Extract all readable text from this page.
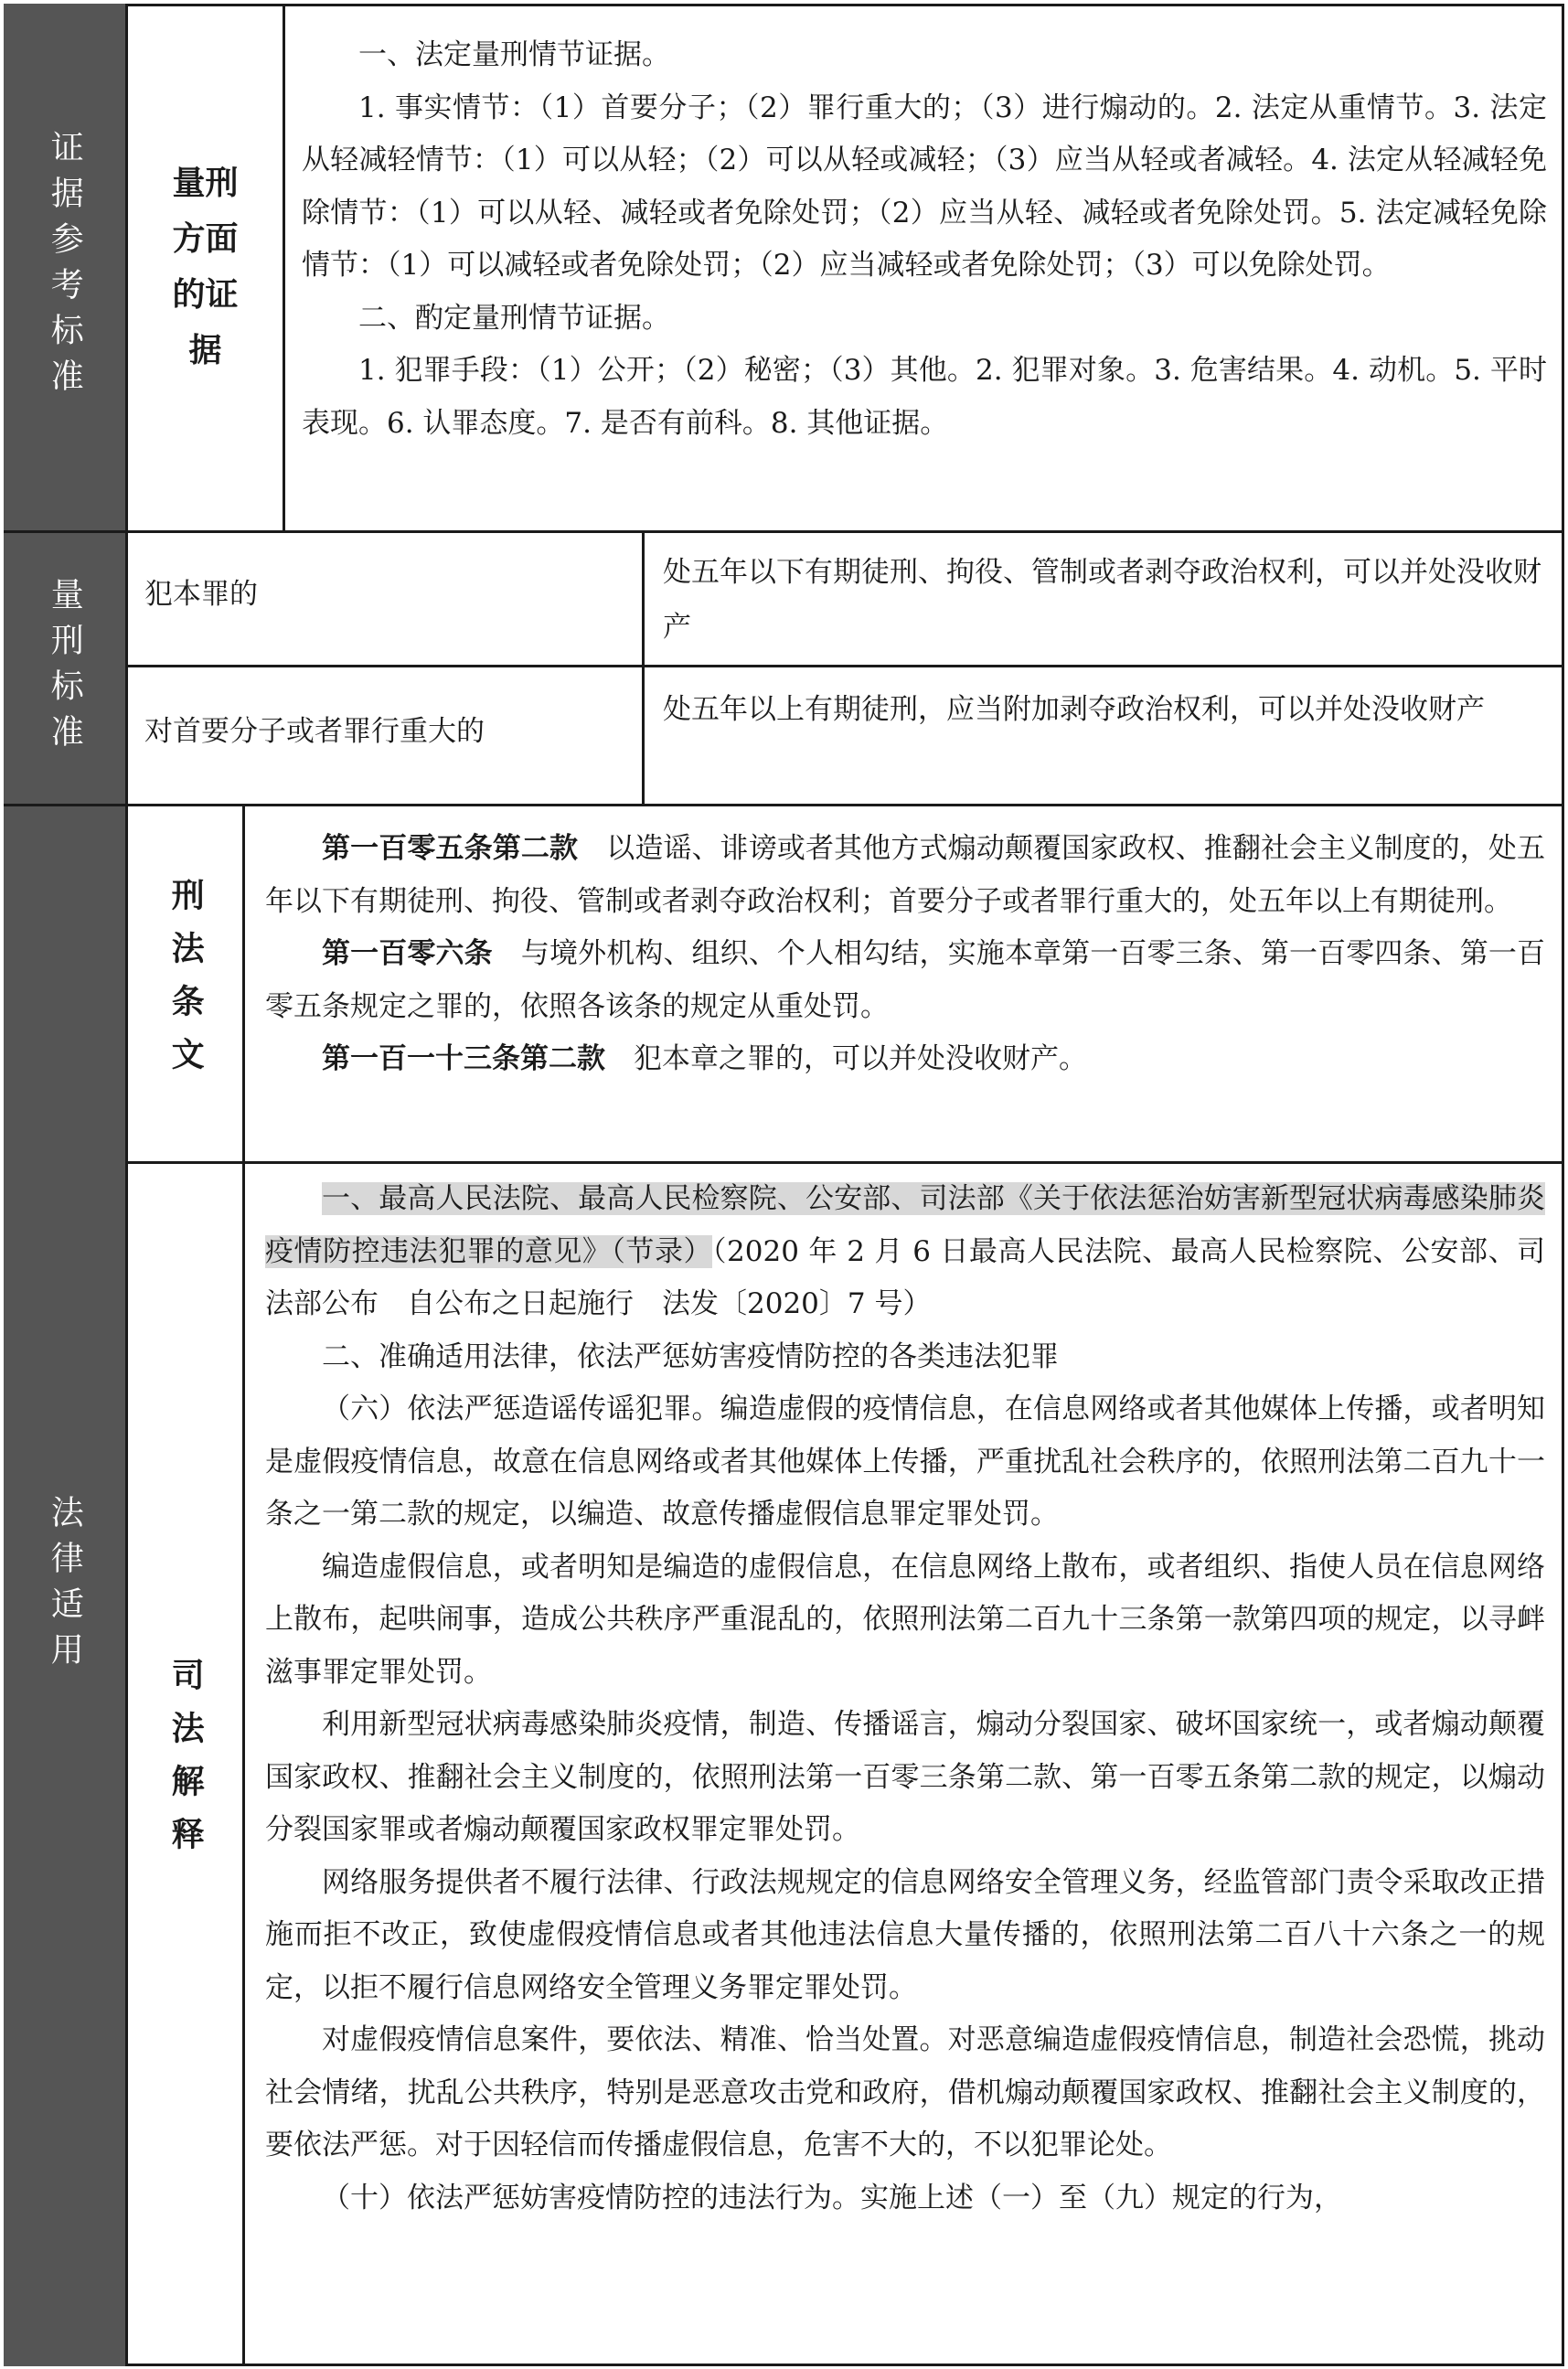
证据参考标准
量刑标准
法律适用
量刑方面的证据

一、法定量刑情节证据。

1. 事实情节：（1）首要分子；（2）罪行重大的；（3）进行煽动的。2. 法定从重情节。3. 法定从轻减轻情节：（1）可以从轻；（2）可以从轻或减轻；（3）应当从轻或者减轻。4. 法定从轻减轻免除情节：（1）可以从轻、减轻或者免除处罚；（2）应当从轻、减轻或者免除处罚。5. 法定减轻免除情节：（1）可以减轻或者免除处罚；（2）应当减轻或者免除处罚；（3）可以免除处罚。

二、酌定量刑情节证据。

1. 犯罪手段：（1）公开；（2）秘密；（3）其他。2. 犯罪对象。3. 危害结果。4. 动机。5. 平时表现。6. 认罪态度。7. 是否有前科。8. 其他证据。

犯本罪的
处五年以下有期徒刑、拘役、管制或者剥夺政治权利，可以并处没收财产
对首要分子或者罪行重大的
处五年以上有期徒刑，应当附加剥夺政治权利，可以并处没收财产
刑法条文

第一百零五条第二款　 以造谣、诽谤或者其他方式煽动颠覆国家政权、推翻社会主义制度的，处五年以下有期徒刑、拘役、管制或者剥夺政治权利；首要分子或者罪行重大的，处五年以上有期徒刑。

第一百零六条　 与境外机构、组织、个人相勾结，实施本章第一百零三条、第一百零四条、第一百零五条规定之罪的，依照各该条的规定从重处罚。

第一百一十三条第二款　 犯本章之罪的，可以并处没收财产。

司法解释

一、最高人民法院、最高人民检察院、公安部、司法部《关于依法惩治妨害新型冠状病毒感染肺炎疫情防控违法犯罪的意见》（节录）（2020 年 2 月 6 日最高人民法院、最高人民检察院、公安部、司法部公布　自公布之日起施行　法发〔2020〕7 号）

二、准确适用法律，依法严惩妨害疫情防控的各类违法犯罪

（六）依法严惩造谣传谣犯罪。编造虚假的疫情信息，在信息网络或者其他媒体上传播，或者明知是虚假疫情信息，故意在信息网络或者其他媒体上传播，严重扰乱社会秩序的，依照刑法第二百九十一条之一第二款的规定，以编造、故意传播虚假信息罪定罪处罚。

编造虚假信息，或者明知是编造的虚假信息，在信息网络上散布，或者组织、指使人员在信息网络上散布，起哄闹事，造成公共秩序严重混乱的，依照刑法第二百九十三条第一款第四项的规定，以寻衅滋事罪定罪处罚。

利用新型冠状病毒感染肺炎疫情，制造、传播谣言，煽动分裂国家、破坏国家统一，或者煽动颠覆国家政权、推翻社会主义制度的，依照刑法第一百零三条第二款、第一百零五条第二款的规定，以煽动分裂国家罪或者煽动颠覆国家政权罪定罪处罚。

网络服务提供者不履行法律、行政法规规定的信息网络安全管理义务，经监管部门责令采取改正措施而拒不改正，致使虚假疫情信息或者其他违法信息大量传播的，依照刑法第二百八十六条之一的规定，以拒不履行信息网络安全管理义务罪定罪处罚。

对虚假疫情信息案件，要依法、精准、恰当处置。对恶意编造虚假疫情信息，制造社会恐慌，挑动社会情绪，扰乱公共秩序，特别是恶意攻击党和政府，借机煽动颠覆国家政权、推翻社会主义制度的，要依法严惩。对于因轻信而传播虚假信息，危害不大的，不以犯罪论处。

（十）依法严惩妨害疫情防控的违法行为。实施上述（一）至（九）规定的行为，
